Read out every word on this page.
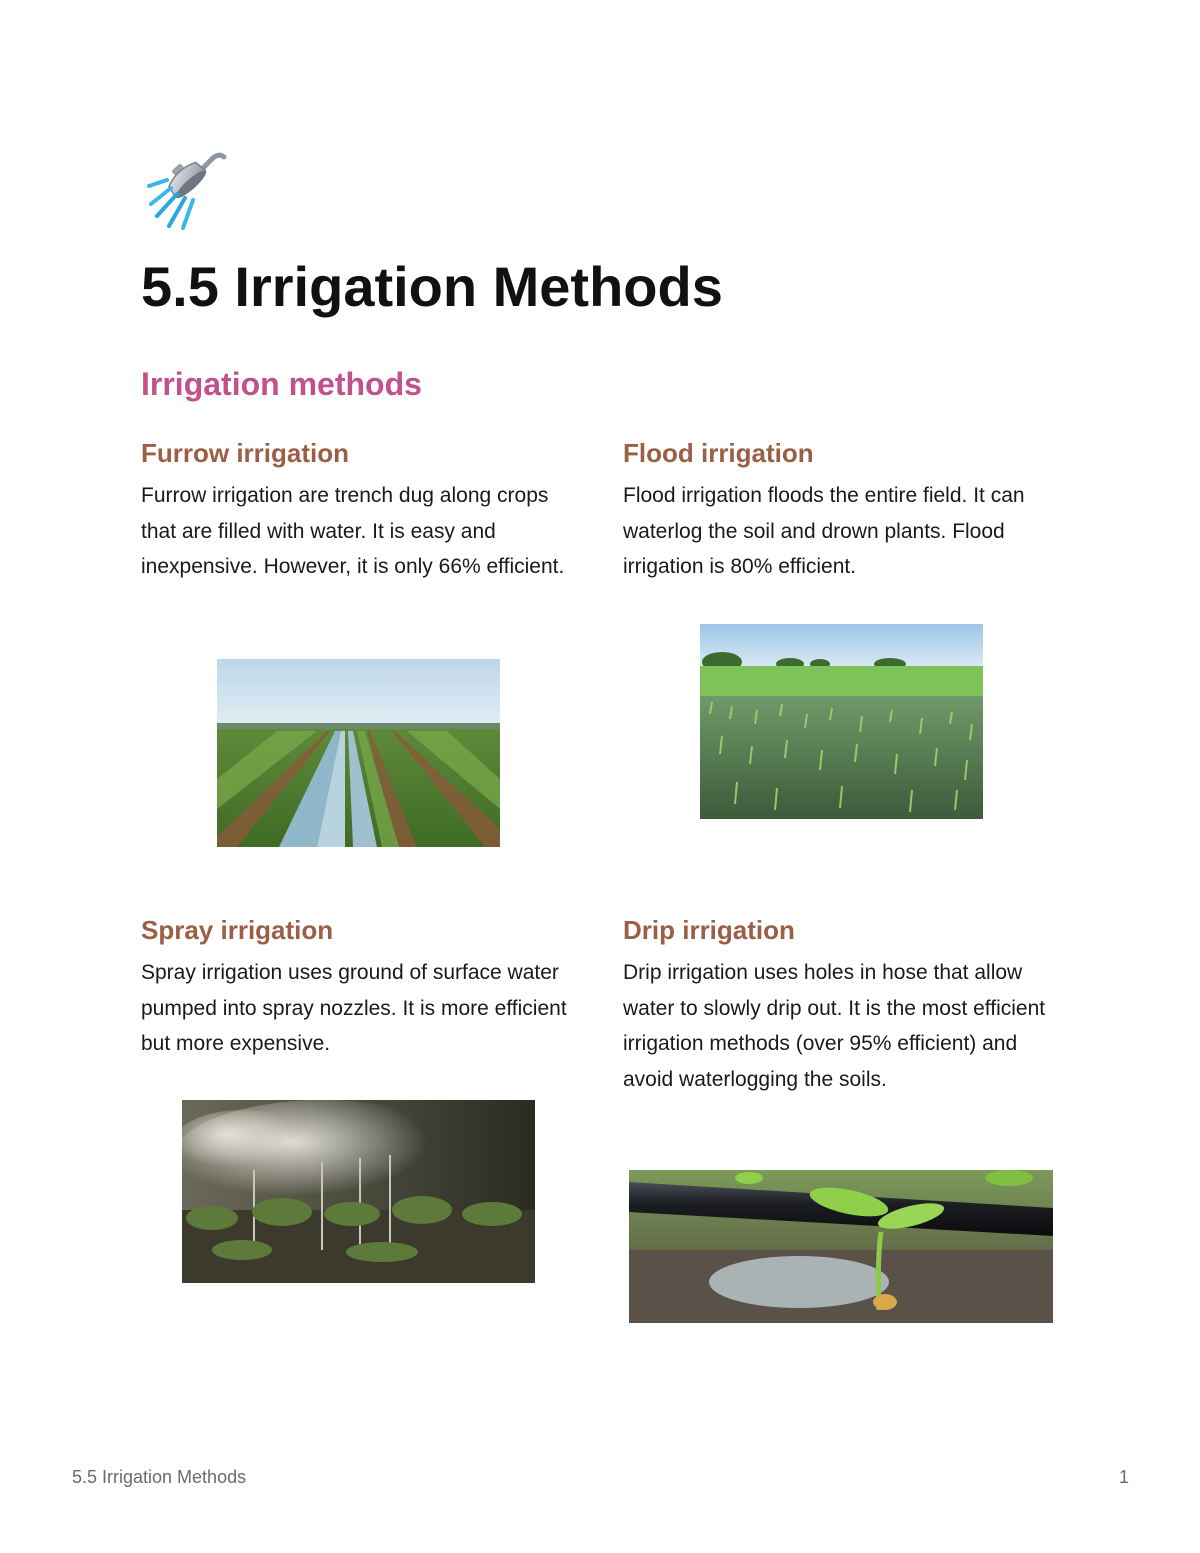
5.5 Irrigation Methods
Irrigation methods
Furrow irrigation

Furrow irrigation are trench dug along crops that are filled with water. It is easy and inexpensive. However, it is only 66% efficient.

Flood irrigation

Flood irrigation floods the entire field. It can waterlog the soil and drown plants. Flood irrigation is 80% efficient.

Spray irrigation

Spray irrigation uses ground of surface water pumped into spray nozzles. It is more efficient but more expensive.

Drip irrigation

Drip irrigation uses holes in hose that allow water to slowly drip out. It is the most efficient irrigation methods (over 95% efficient) and avoid waterlogging the soils.

5.5 Irrigation Methods	1
